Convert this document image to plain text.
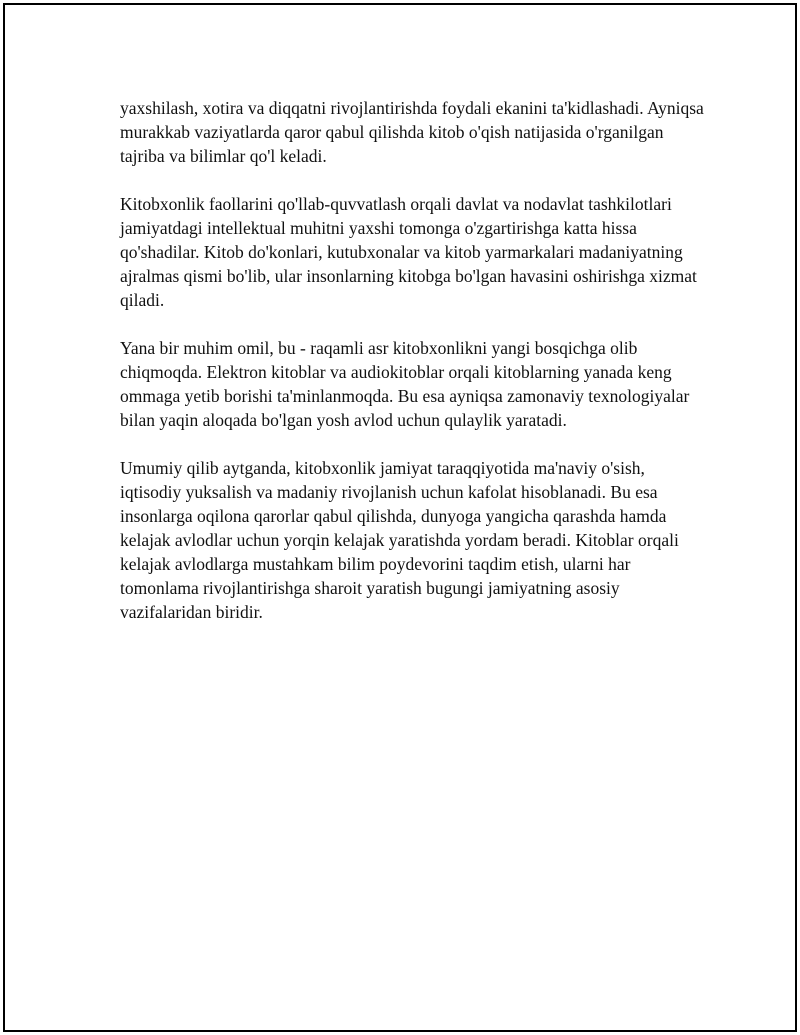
yaxshilash, xotira va diqqatni rivojlantirishda foydali ekanini ta'kidlashadi. Ayniqsa murakkab vaziyatlarda qaror qabul qilishda kitob o'qish natijasida o'rganilgan tajriba va bilimlar qo'l keladi.

Kitobxonlik faollarini qo'llab-quvvatlash orqali davlat va nodavlat tashkilotlari jamiyatdagi intellektual muhitni yaxshi tomonga o'zgartirishga katta hissa qo'shadilar. Kitob do'konlari, kutubxonalar va kitob yarmarkalari madaniyatning ajralmas qismi bo'lib, ular insonlarning kitobga bo'lgan havasini oshirishga xizmat qiladi.

Yana bir muhim omil, bu - raqamli asr kitobxonlikni yangi bosqichga olib chiqmoqda. Elektron kitoblar va audiokitoblar orqali kitoblarning yanada keng ommaga yetib borishi ta'minlanmoqda. Bu esa ayniqsa zamonaviy texnologiyalar bilan yaqin aloqada bo'lgan yosh avlod uchun qulaylik yaratadi.

Umumiy qilib aytganda, kitobxonlik jamiyat taraqqiyotida ma'naviy o'sish, iqtisodiy yuksalish va madaniy rivojlanish uchun kafolat hisoblanadi. Bu esa insonlarga oqilona qarorlar qabul qilishda, dunyoga yangicha qarashda hamda kelajak avlodlar uchun yorqin kelajak yaratishda yordam beradi. Kitoblar orqali kelajak avlodlarga mustahkam bilim poydevorini taqdim etish, ularni har tomonlama rivojlantirishga sharoit yaratish bugungi jamiyatning asosiy vazifalaridan biridir.
